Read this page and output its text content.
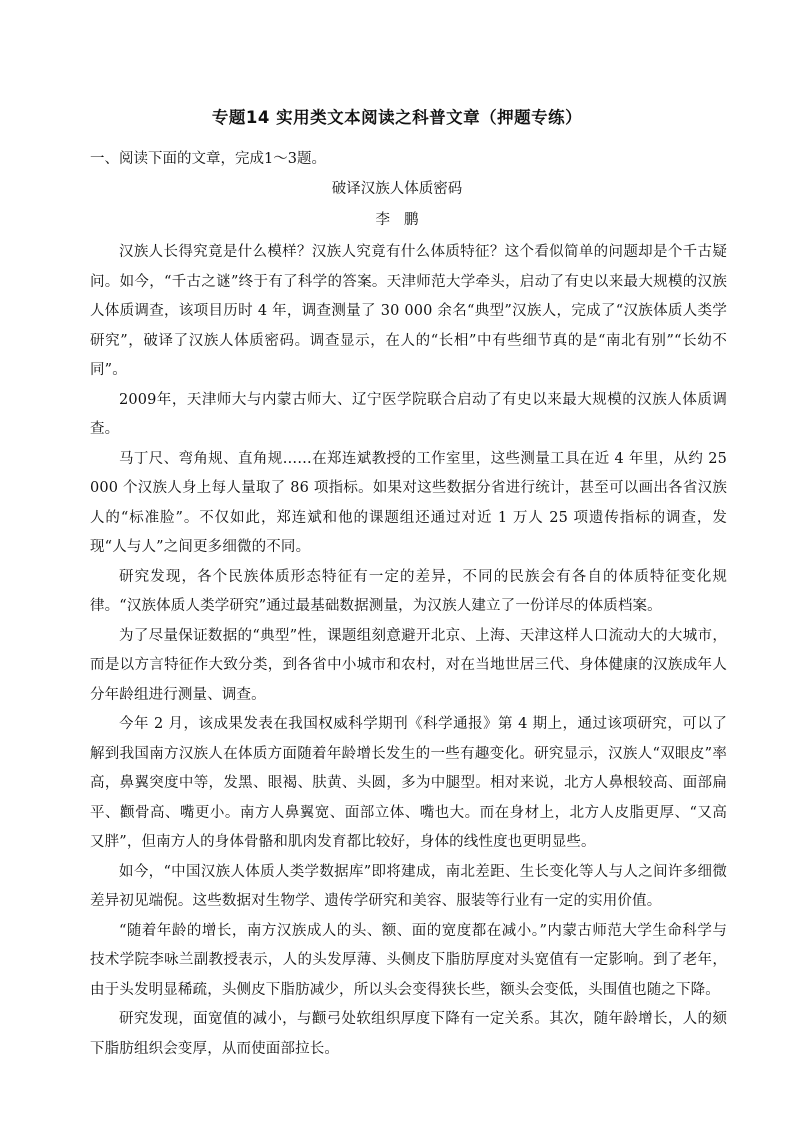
专题14 实用类文本阅读之科普文章（押题专练）
一、阅读下面的文章，完成1～3题。
破译汉族人体质密码
李鹏

汉族人长得究竟是什么模样？汉族人究竟有什么体质特征？这个看似简单的问题却是个千古疑问。如今，“千古之谜”终于有了科学的答案。天津师范大学牵头，启动了有史以来最大规模的汉族人体质调查，该项目历时 4 年，调查测量了 30 000 余名“典型”汉族人，完成了“汉族体质人类学研究”，破译了汉族人体质密码。调查显示，在人的“长相”中有些细节真的是“南北有别”“长幼不同”。

2009年，天津师大与内蒙古师大、辽宁医学院联合启动了有史以来最大规模的汉族人体质调查。

马丁尺、弯角规、直角规……在郑连斌教授的工作室里，这些测量工具在近 4 年里，从约 25 000 个汉族人身上每人量取了 86 项指标。如果对这些数据分省进行统计，甚至可以画出各省汉族人的“标准脸”。不仅如此，郑连斌和他的课题组还通过对近 1 万人 25 项遗传指标的调查，发现“人与人”之间更多细微的不同。

研究发现，各个民族体质形态特征有一定的差异，不同的民族会有各自的体质特征变化规律。“汉族体质人类学研究”通过最基础数据测量，为汉族人建立了一份详尽的体质档案。

为了尽量保证数据的“典型”性，课题组刻意避开北京、上海、天津这样人口流动大的大城市，而是以方言特征作大致分类，到各省中小城市和农村，对在当地世居三代、身体健康的汉族成年人分年龄组进行测量、调查。

今年 2 月，该成果发表在我国权威科学期刊《科学通报》第 4 期上，通过该项研究，可以了解到我国南方汉族人在体质方面随着年龄增长发生的一些有趣变化。研究显示，汉族人“双眼皮”率高，鼻翼突度中等，发黑、眼褐、肤黄、头圆，多为中腿型。相对来说，北方人鼻根较高、面部扁平、颧骨高、嘴更小。南方人鼻翼宽、面部立体、嘴也大。而在身材上，北方人皮脂更厚、“又高又胖”，但南方人的身体骨骼和肌肉发育都比较好，身体的线性度也更明显些。

如今，“中国汉族人体质人类学数据库”即将建成，南北差距、生长变化等人与人之间许多细微差异初见端倪。这些数据对生物学、遗传学研究和美容、服装等行业有一定的实用价值。

“随着年龄的增长，南方汉族成人的头、额、面的宽度都在减小。”内蒙古师范大学生命科学与技术学院李咏兰副教授表示，人的头发厚薄、头侧皮下脂肪厚度对头宽值有一定影响。到了老年，由于头发明显稀疏，头侧皮下脂肪减少，所以头会变得狭长些，额头会变低，头围值也随之下降。

研究发现，面宽值的减小，与颧弓处软组织厚度下降有一定关系。其次，随年龄增长，人的颏下脂肪组织会变厚，从而使面部拉长。
